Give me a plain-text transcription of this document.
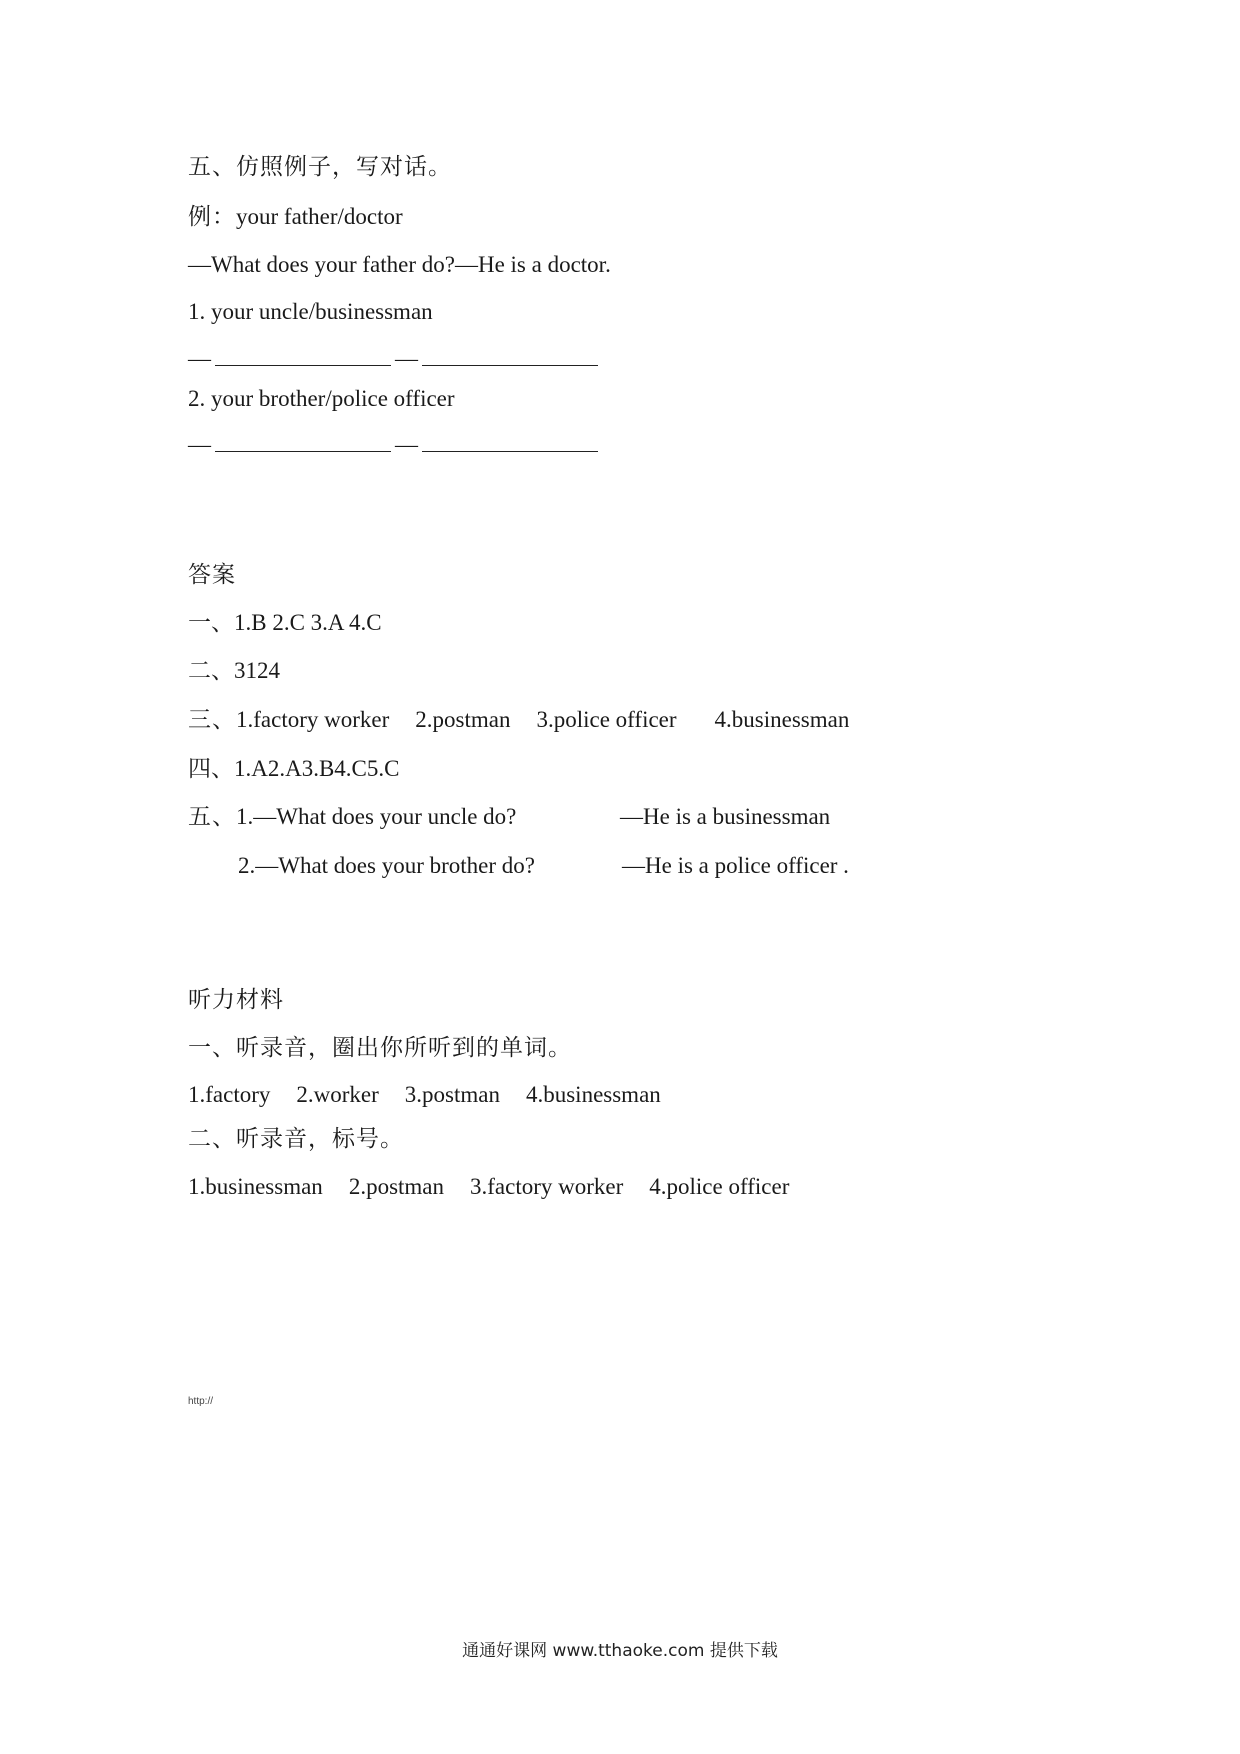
五、仿照例子，写对话。
例：your father/doctor
—What does your father do?—He is a doctor.
1. your uncle/businessman
—	—
2. your brother/police officer
—	—
答案
一、1.B 2.C 3.A 4.C
二、3124
三、1.factory worker 2.postman 3.police officer 4.businessman
四、1.A2.A3.B4.C5.C
五、1.—What does your uncle do?	—He is a businessman
2.—What does your brother do?	—He is a police officer .
听力材料
一、听录音，圈出你所听到的单词。
1.factory 2.worker 3.postman 4.businessman
二、听录音，标号。
1.businessman 2.postman 3.factory worker 4.police officer
http://
通通好课网 www.tthaoke.com 提供下载
